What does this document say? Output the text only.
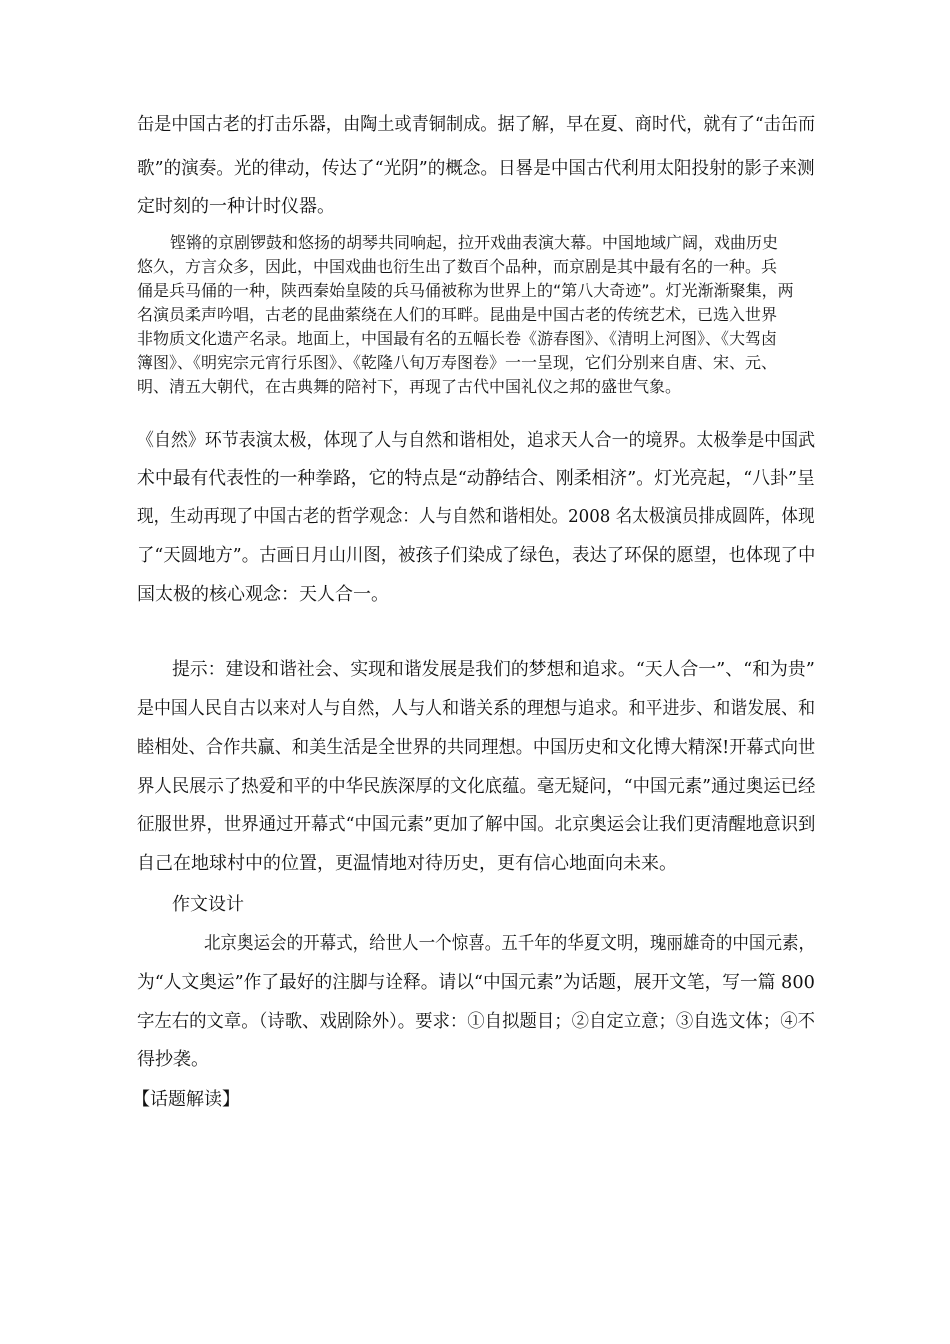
缶是中国古老的打击乐器，由陶土或青铜制成。据了解，早在夏、商时代，就有了“击缶而
歌”的演奏。光的律动，传达了“光阴”的概念。日晷是中国古代利用太阳投射的影子来测
定时刻的一种计时仪器。
铿锵的京剧锣鼓和悠扬的胡琴共同响起，拉开戏曲表演大幕。中国地域广阔，戏曲历史
悠久，方言众多，因此，中国戏曲也衍生出了数百个品种，而京剧是其中最有名的一种。兵
俑是兵马俑的一种，陕西秦始皇陵的兵马俑被称为世界上的“第八大奇迹”。灯光渐渐聚集，两
名演员柔声吟唱，古老的昆曲萦绕在人们的耳畔。昆曲是中国古老的传统艺术，已选入世界
非物质文化遗产名录。地面上，中国最有名的五幅长卷《游春图》、《清明上河图》、《大驾卤
簿图》、《明宪宗元宵行乐图》、《乾隆八旬万寿图卷》一一呈现，它们分别来自唐、宋、元、
明、清五大朝代，在古典舞的陪衬下，再现了古代中国礼仪之邦的盛世气象。
《自然》环节表演太极，体现了人与自然和谐相处，追求天人合一的境界。太极拳是中国武
术中最有代表性的一种拳路，它的特点是“动静结合、刚柔相济”。灯光亮起，“八卦”呈
现，生动再现了中国古老的哲学观念：人与自然和谐相处。2008 名太极演员排成圆阵，体现
了“天圆地方”。古画日月山川图，被孩子们染成了绿色，表达了环保的愿望，也体现了中
国太极的核心观念：天人合一。
提示：建设和谐社会、实现和谐发展是我们的梦想和追求。“天人合一”、“和为贵”
是中国人民自古以来对人与自然，人与人和谐关系的理想与追求。和平进步、和谐发展、和
睦相处、合作共赢、和美生活是全世界的共同理想。中国历史和文化博大精深!开幕式向世
界人民展示了热爱和平的中华民族深厚的文化底蕴。毫无疑问，“中国元素”通过奥运已经
征服世界，世界通过开幕式“中国元素”更加了解中国。北京奥运会让我们更清醒地意识到
自己在地球村中的位置，更温情地对待历史，更有信心地面向未来。
作文设计
北京奥运会的开幕式，给世人一个惊喜。五千年的华夏文明，瑰丽雄奇的中国元素，
为“人文奥运”作了最好的注脚与诠释。请以“中国元素”为话题，展开文笔，写一篇 800
字左右的文章。（诗歌、戏剧除外）。要求：①自拟题目；②自定立意；③自选文体；④不
得抄袭。
【话题解读】
